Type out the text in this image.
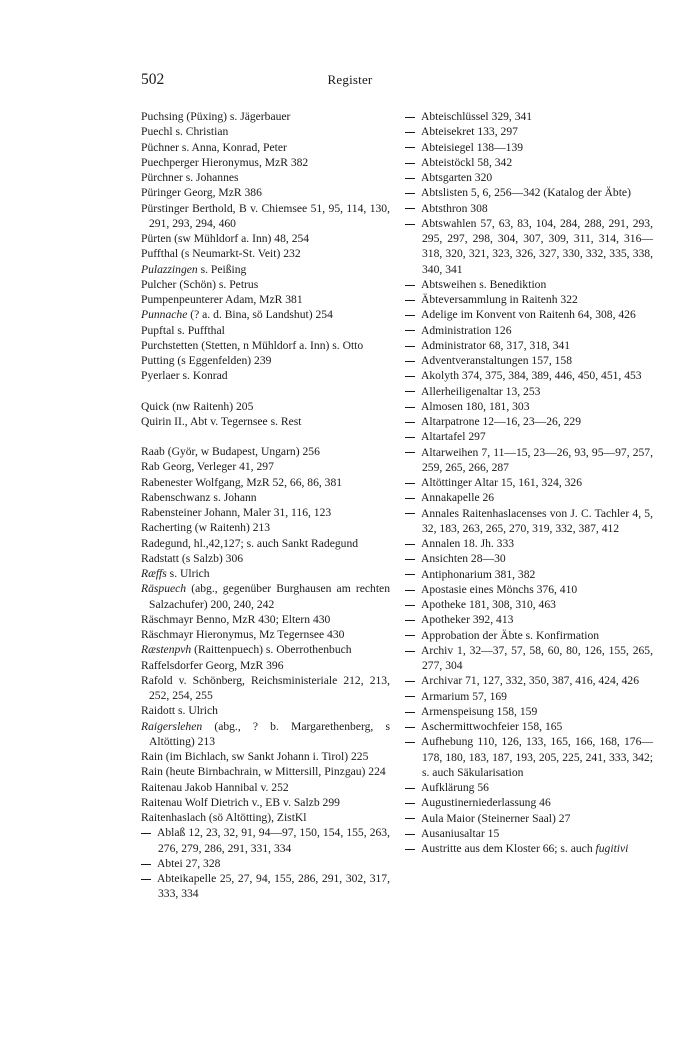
502	Register
Puchsing (Püxing) s. Jägerbauer
Puechl s. Christian
Püchner s. Anna, Konrad, Peter
Puechperger Hieronymus, MzR 382
Pürchner s. Johannes
Püringer Georg, MzR 386
Pürstinger Berthold, B v. Chiemsee 51, 95, 114, 130, 291, 293, 294, 460
Pürten (sw Mühldorf a. Inn) 48, 254
Puffthal (s Neumarkt-St. Veit) 232
Pulazzingen s. Peißing
Pulcher (Schön) s. Petrus
Pumpenpeunterer Adam, MzR 381
Punnache (? a. d. Bina, sö Landshut) 254
Pupftal s. Puffthal
Purchstetten (Stetten, n Mühldorf a. Inn) s. Otto
Putting (s Eggenfelden) 239
Pyerlaer s. Konrad
Quick (nw Raitenh) 205
Quirin II., Abt v. Tegernsee s. Rest
Raab (Györ, w Budapest, Ungarn) 256
Rab Georg, Verleger 41, 297
Rabenester Wolfgang, MzR 52, 66, 86, 381
Rabenschwanz s. Johann
Rabensteiner Johann, Maler 31, 116, 123
Racherting (w Raitenh) 213
Radegund, hl.,42,127; s. auch Sankt Radegund
Radstatt (s Salzb) 306
Ræffs s. Ulrich
Räspuech (abg., gegenüber Burghausen am rechten Salzachufer) 200, 240, 242
Räschmayr Benno, MzR 430; Eltern 430
Räschmayr Hieronymus, Mz Tegernsee 430
Ræstenpvh (Raittenpuech) s. Oberrothenbuch
Raffelsdorfer Georg, MzR 396
Rafold v. Schönberg, Reichsministeriale 212, 213, 252, 254, 255
Raidott s. Ulrich
Raigerslehen (abg., ? b. Margarethenberg, s Altötting) 213
Rain (im Bichlach, sw Sankt Johann i. Tirol) 225
Rain (heute Birnbachrain, w Mittersill, Pinzgau) 224
Raitenau Jakob Hannibal v. 252
Raitenau Wolf Dietrich v., EB v. Salzb 299
Raitenhaslach (sö Altötting), ZistKl
Ablaß 12, 23, 32, 91, 94—97, 150, 154, 155, 263, 276, 279, 286, 291, 331, 334
Abtei 27, 328
Abteikapelle 25, 27, 94, 155, 286, 291, 302, 317, 333, 334
Abteischlüssel 329, 341
Abteisekret 133, 297
Abteisiegel 138—139
Abteistöckl 58, 342
Abtsgarten 320
Abtslisten 5, 6, 256—342 (Katalog der Äbte)
Abtsthron 308
Abtswahlen 57, 63, 83, 104, 284, 288, 291, 293, 295, 297, 298, 304, 307, 309, 311, 314, 316—318, 320, 321, 323, 326, 327, 330, 332, 335, 338, 340, 341
Abtsweihen s. Benediktion
Äbteversammlung in Raitenh 322
Adelige im Konvent von Raitenh 64, 308, 426
Administration 126
Administrator 68, 317, 318, 341
Adventveranstaltungen 157, 158
Akolyth 374, 375, 384, 389, 446, 450, 451, 453
Allerheiligenaltar 13, 253
Almosen 180, 181, 303
Altarpatrone 12—16, 23—26, 229
Altartafel 297
Altarweihen 7, 11—15, 23—26, 93, 95—97, 257, 259, 265, 266, 287
Altöttinger Altar 15, 161, 324, 326
Annakapelle 26
Annales Raitenhaslacenses von J. C. Tachler 4, 5, 32, 183, 263, 265, 270, 319, 332, 387, 412
Annalen 18. Jh. 333
Ansichten 28—30
Antiphonarium 381, 382
Apostasie eines Mönchs 376, 410
Apotheke 181, 308, 310, 463
Apotheker 392, 413
Approbation der Äbte s. Konfirmation
Archiv 1, 32—37, 57, 58, 60, 80, 126, 155, 265, 277, 304
Archivar 71, 127, 332, 350, 387, 416, 424, 426
Armarium 57, 169
Armenspeisung 158, 159
Aschermittwochfeier 158, 165
Aufhebung 110, 126, 133, 165, 166, 168, 176—178, 180, 183, 187, 193, 205, 225, 241, 333, 342; s. auch Säkularisation
Aufklärung 56
Augustinerniederlassung 46
Aula Maior (Steinerner Saal) 27
Ausaniusaltar 15
Austritte aus dem Kloster 66; s. auch fugitivi
